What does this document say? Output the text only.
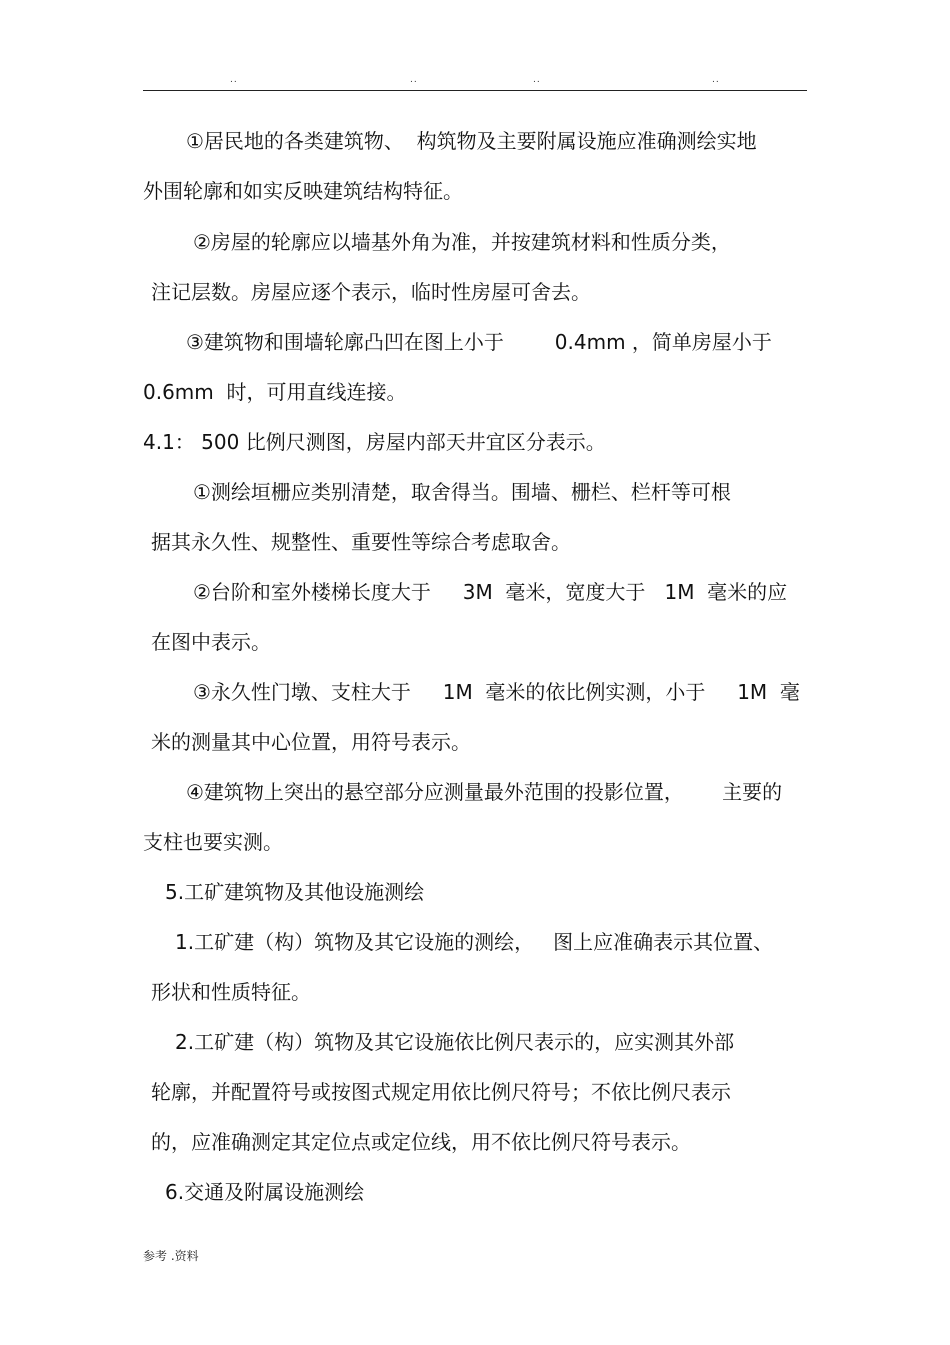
..	..	..	..
①居民地的各类建筑物、  构筑物及主要附属设施应准确测绘实地
外围轮廓和如实反映建筑结构特征。
②房屋的轮廓应以墙基外角为准，并按建筑材料和性质分类，
注记层数。房屋应逐个表示，临时性房屋可舍去。
③建筑物和围墙轮廓凸凹在图上小于        0.4mm ，简单房屋小于
0.6mm  时，可用直线连接。
4.1： 500 比例尺测图，房屋内部天井宜区分表示。
①测绘垣栅应类别清楚，取舍得当。围墙、栅栏、栏杆等可根
据其永久性、规整性、重要性等综合考虑取舍。
②台阶和室外楼梯长度大于     3M  毫米，宽度大于   1M  毫米的应
在图中表示。
③永久性门墩、支柱大于     1M  毫米的依比例实测，小于     1M  毫
米的测量其中心位置，用符号表示。
④建筑物上突出的悬空部分应测量最外范围的投影位置，      主要的
支柱也要实测。
5.工矿建筑物及其他设施测绘
1.工矿建（构）筑物及其它设施的测绘，   图上应准确表示其位置、
形状和性质特征。
2.工矿建（构）筑物及其它设施依比例尺表示的，应实测其外部
轮廓，并配置符号或按图式规定用依比例尺符号；不依比例尺表示
的，应准确测定其定位点或定位线，用不依比例尺符号表示。
6.交通及附属设施测绘
参考 .资料
